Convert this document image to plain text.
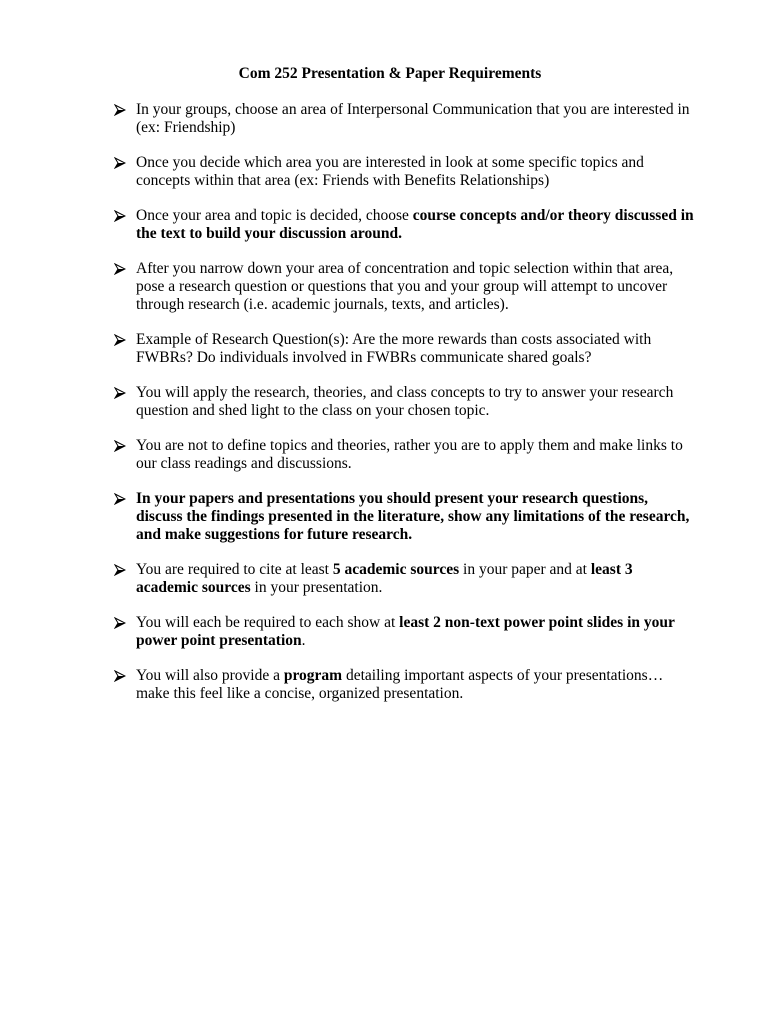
Com 252 Presentation & Paper Requirements
In your groups, choose an area of Interpersonal Communication that you are interested in (ex: Friendship)
Once you decide which area you are interested in look at some specific topics and concepts within that area (ex: Friends with Benefits Relationships)
Once your area and topic is decided, choose course concepts and/or theory discussed in the text to build your discussion around.
After you narrow down your area of concentration and topic selection within that area, pose a research question or questions that you and your group will attempt to uncover through research (i.e. academic journals, texts, and articles).
Example of Research Question(s): Are the more rewards than costs associated with FWBRs? Do individuals involved in FWBRs communicate shared goals?
You will apply the research, theories, and class concepts to try to answer your research question and shed light to the class on your chosen topic.
You are not to define topics and theories, rather you are to apply them and make links to our class readings and discussions.
In your papers and presentations you should present your research questions, discuss the findings presented in the literature, show any limitations of the research, and make suggestions for future research.
You are required to cite at least 5 academic sources in your paper and at least 3 academic sources in your presentation.
You will each be required to each show at least 2 non-text power point slides in your power point presentation.
You will also provide a program detailing important aspects of your presentations…make this feel like a concise, organized presentation.
